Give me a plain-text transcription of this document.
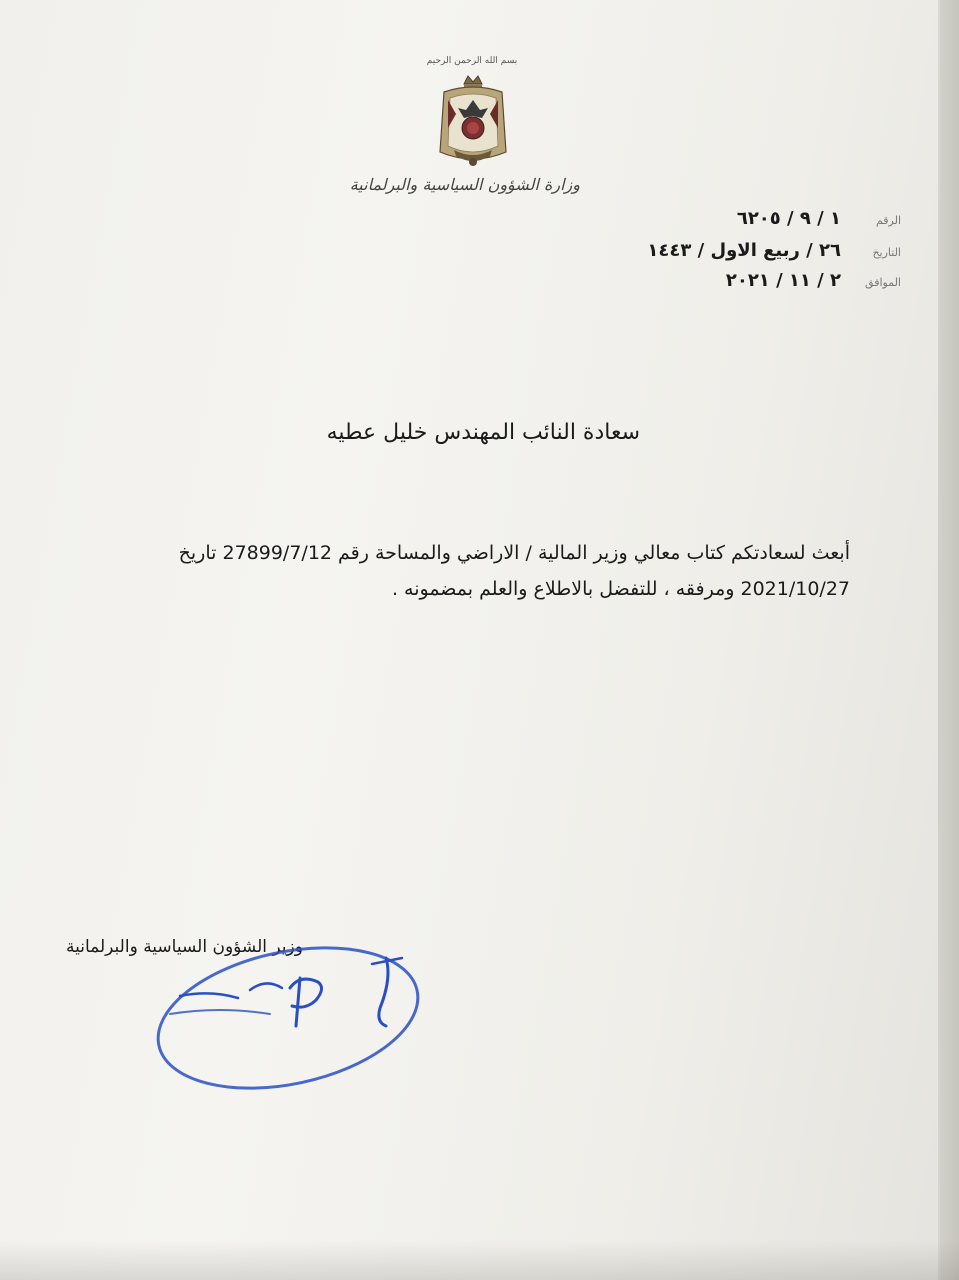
بسم الله الرحمن الرحيم
وزارة الشؤون السياسية والبرلمانية
الرقم
١ / ٩ / ٦٢٠٥
التاريخ
٢٦ / ربيع الاول / ١٤٤٣
الموافق
٢ / ١١ / ٢٠٢١
سعادة النائب المهندس خليل عطيه
أبعث لسعادتكم كتاب معالي وزير المالية / الاراضي والمساحة رقم 27899/7/12 تاريخ
2021/10/27 ومرفقه ، للتفضل بالاطلاع والعلم بمضمونه .
وزير الشؤون السياسية والبرلمانية
